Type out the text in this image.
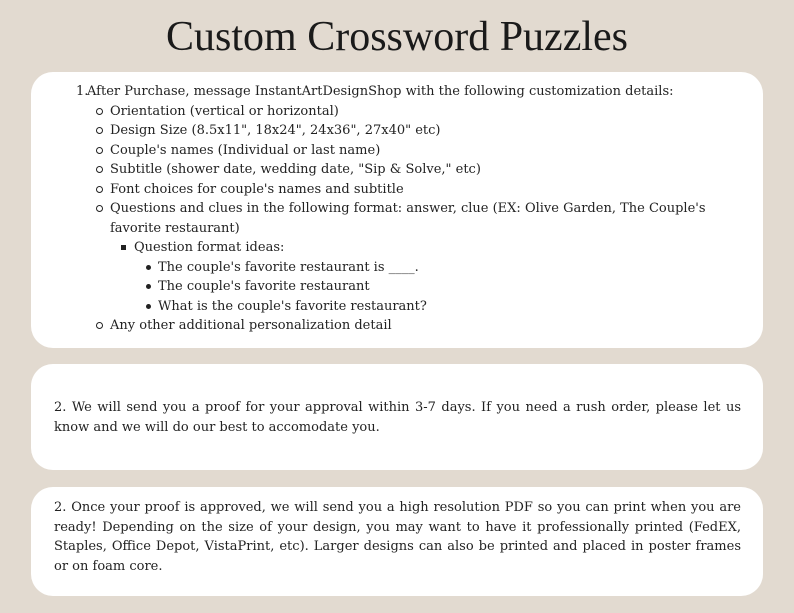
Custom Crossword Puzzles
1.
After Purchase, message InstantArtDesignShop with the following customization details:
Orientation (vertical or horizontal)
Design Size (8.5x11", 18x24", 24x36", 27x40" etc)
Couple's names (Individual or last name)
Subtitle (shower date, wedding date, "Sip & Solve," etc)
Font choices for couple's names and subtitle
Questions and clues in the following format: answer, clue (EX: Olive Garden, The Couple's favorite restaurant)
Question format ideas:
The couple's favorite restaurant is ____.
The couple's favorite restaurant
What is the couple's favorite restaurant?
Any other additional personalization detail

2. We will send you a proof for your approval within 3-7 days. If you need a rush order, please let us know and we will do our best to accomodate you.

2. Once your proof is approved, we will send you a high resolution PDF so you can print when you are ready! Depending on the size of your design, you may want to have it professionally printed (FedEX, Staples, Office Depot, VistaPrint, etc). Larger designs can also be printed and placed in poster frames or on foam core.
